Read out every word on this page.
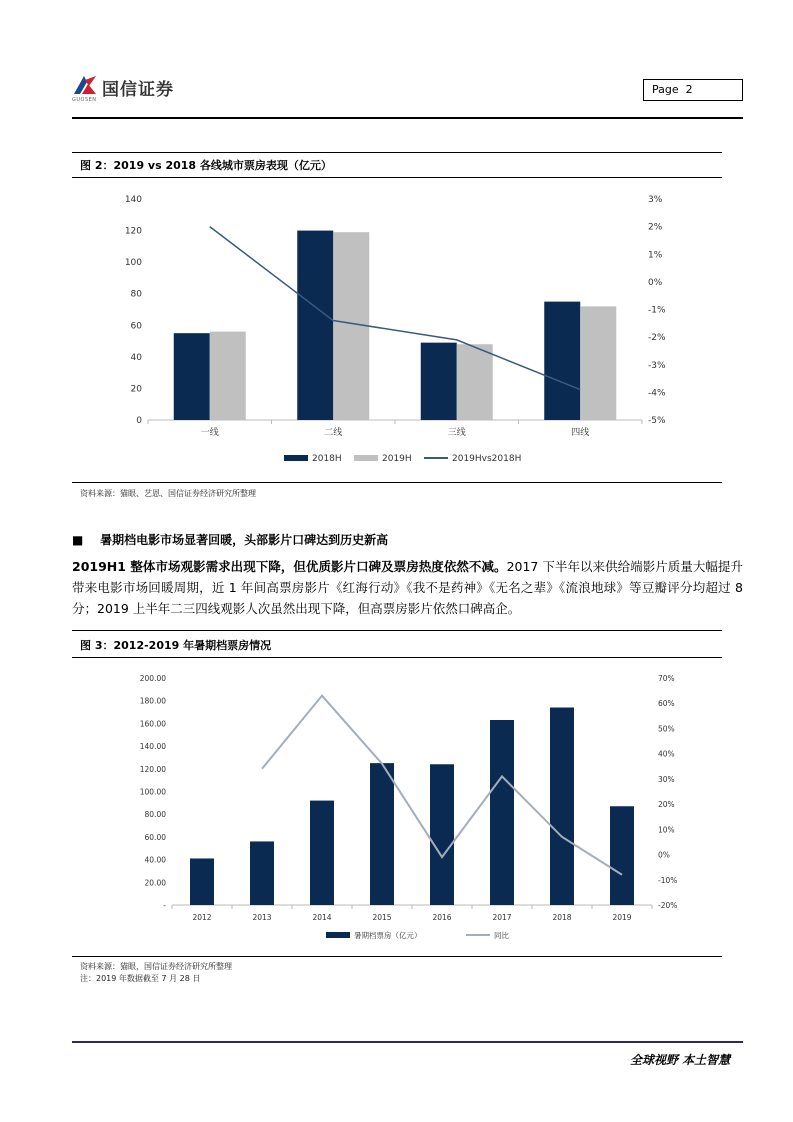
国信证券
GUOSEN
Page 2
图 2：2019 vs 2018 各线城市票房表现（亿元）
0
20
40
60
80
100
120
140
-5%
-4%
-3%
-2%
-1%
0%
1%
2%
3%
一线	二线	三线	四线
2018H	2019H	2019Hvs2018H
资料来源：猫眼、艺恩、国信证券经济研究所整理
■ 暑期档电影市场显著回暖，头部影片口碑达到历史新高
2019H1 整体市场观影需求出现下降，但优质影片口碑及票房热度依然不减。2017 下半年以来供给端影片质量大幅提升带来电影市场回暖周期，近 1 年间高票房影片《红海行动》《我不是药神》《无名之辈》《流浪地球》等豆瓣评分均超过 8 分；2019 上半年二三四线观影人次虽然出现下降，但高票房影片依然口碑高企。
图 3：2012-2019 年暑期档票房情况
-
20.00
40.00
60.00
80.00
100.00
120.00
140.00
160.00
180.00
200.00
-20%
-10%
0%
10%
20%
30%
40%
50%
60%
70%
2012	2013	2014	2015	2016	2017	2018	2019
暑期档票房（亿元）	同比
资料来源：猫眼，国信证券经济研究所整理
注：2019 年数据截至 7 月 28 日
全球视野 本土智慧
